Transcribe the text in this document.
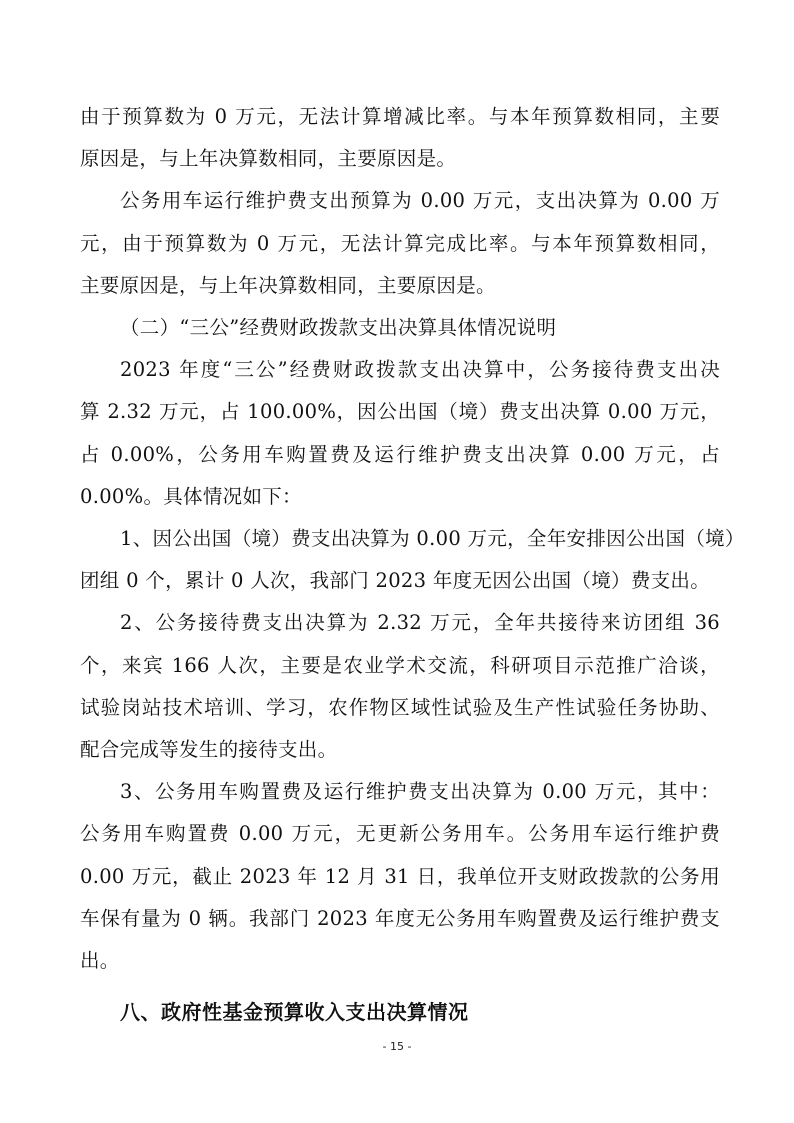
由于预算数为 0 万元，无法计算增减比率。与本年预算数相同，主要
原因是，与上年决算数相同，主要原因是。

公务用车运行维护费支出预算为 0.00 万元，支出决算为 0.00 万
元，由于预算数为 0 万元，无法计算完成比率。与本年预算数相同，
主要原因是，与上年决算数相同，主要原因是。

（二）“三公”经费财政拨款支出决算具体情况说明

2023 年度“三公”经费财政拨款支出决算中，公务接待费支出决
算 2.32 万元，占 100.00%，因公出国（境）费支出决算 0.00 万元，
占 0.00%，公务用车购置费及运行维护费支出决算 0.00 万元，占
0.00%。具体情况如下：

1、因公出国（境）费支出决算为 0.00 万元，全年安排因公出国（境）
团组 0 个，累计 0 人次，我部门 2023 年度无因公出国（境）费支出。

2、公务接待费支出决算为 2.32 万元，全年共接待来访团组 36
个，来宾 166 人次，主要是农业学术交流，科研项目示范推广洽谈，
试验岗站技术培训、学习，农作物区域性试验及生产性试验任务协助、
配合完成等发生的接待支出。

3、公务用车购置费及运行维护费支出决算为 0.00 万元，其中：
公务用车购置费 0.00 万元，无更新公务用车。公务用车运行维护费
0.00 万元，截止 2023 年 12 月 31 日，我单位开支财政拨款的公务用
车保有量为 0 辆。我部门 2023 年度无公务用车购置费及运行维护费支
出。

八、政府性基金预算收入支出决算情况
- 15 -
